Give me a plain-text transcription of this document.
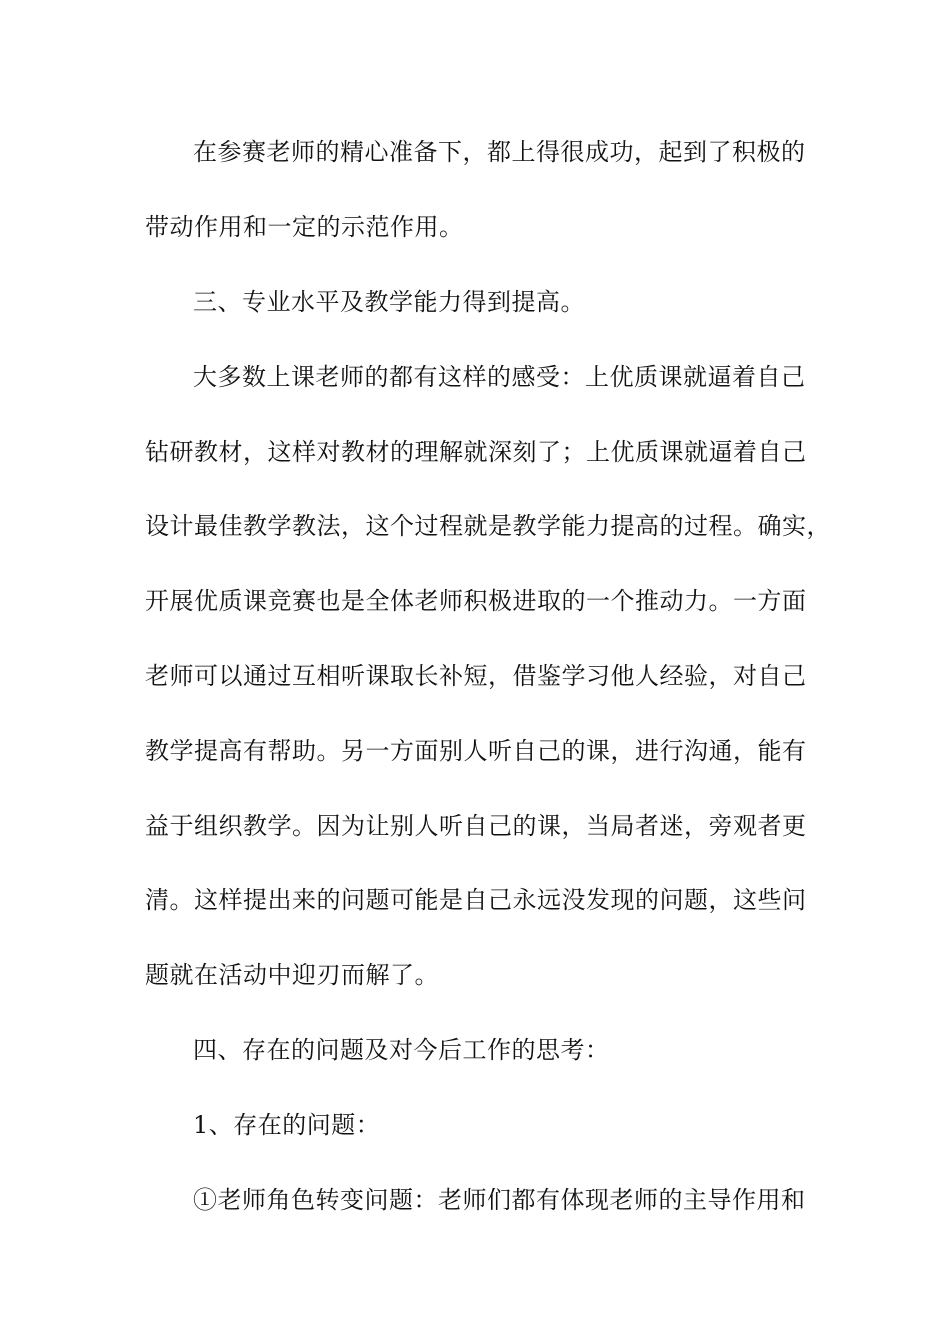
在参赛老师的精心准备下，都上得很成功，起到了积极的
带动作用和一定的示范作用。
三、专业水平及教学能力得到提高。
大多数上课老师的都有这样的感受：上优质课就逼着自己
钻研教材，这样对教材的理解就深刻了；上优质课就逼着自己
设计最佳教学教法，这个过程就是教学能力提高的过程。确实，
开展优质课竞赛也是全体老师积极进取的一个推动力。一方面
老师可以通过互相听课取长补短，借鉴学习他人经验，对自己
教学提高有帮助。另一方面别人听自己的课，进行沟通，能有
益于组织教学。因为让别人听自己的课，当局者迷，旁观者更
清。这样提出来的问题可能是自己永远没发现的问题，这些问
题就在活动中迎刃而解了。
四、存在的问题及对今后工作的思考：
1、存在的问题：
①老师角色转变问题：老师们都有体现老师的主导作用和
